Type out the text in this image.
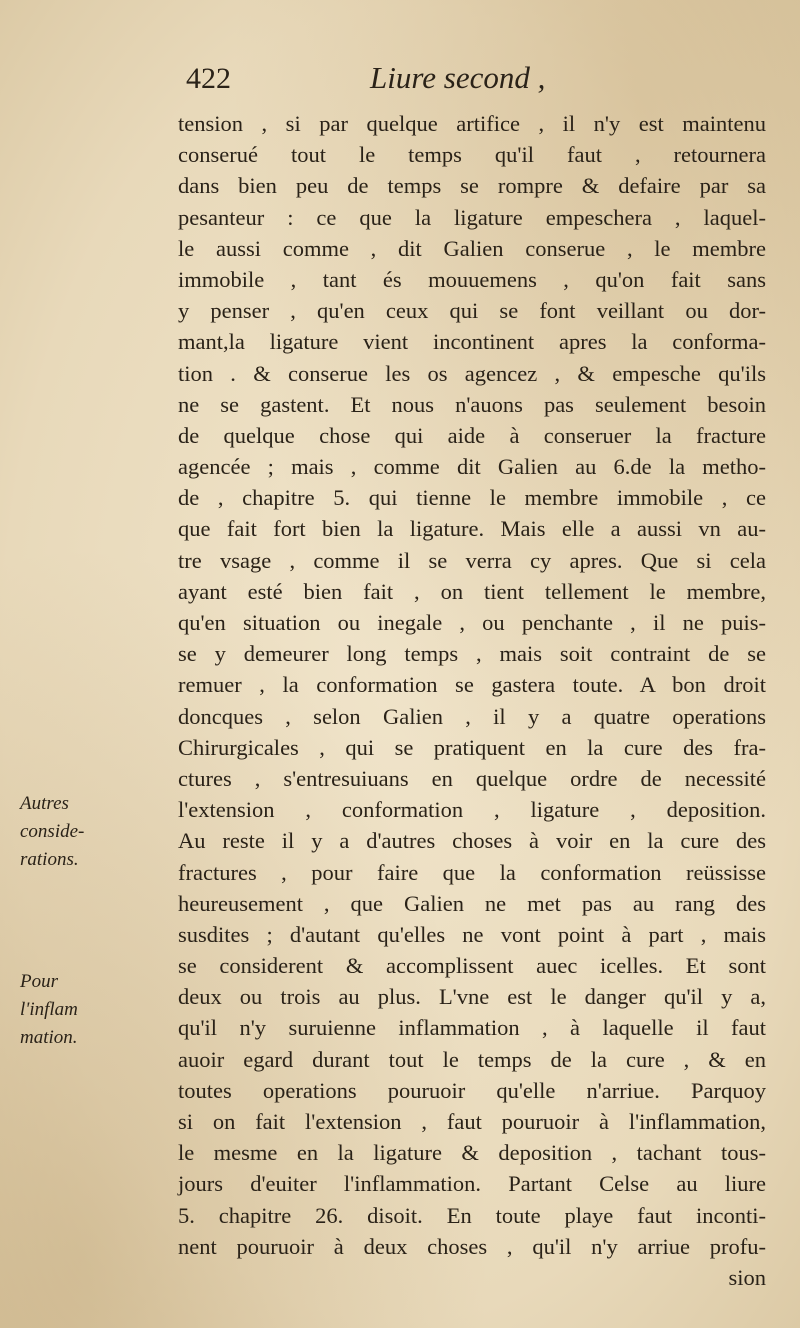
422	Liure second ,
Autres
conside-
rations.
Pour
l'inflam
mation.
tension , si par quelque artifice , il n'y est maintenu
conserué tout le temps qu'il faut , retournera
dans bien peu de temps se rompre & defaire par sa
pesanteur : ce que la ligature empeschera , laquel-
le aussi comme , dit Galien conserue , le membre
immobile , tant és mouuemens , qu'on fait sans
y penser , qu'en ceux qui se font veillant ou dor-
mant,la ligature vient incontinent apres la conforma-
tion . & conserue les os agencez , & empesche qu'ils
ne se gastent. Et nous n'auons pas seulement besoin
de quelque chose qui aide à conseruer la fracture
agencée ; mais , comme dit Galien au 6.de la metho-
de , chapitre 5. qui tienne le membre immobile , ce
que fait fort bien la ligature. Mais elle a aussi vn au-
tre vsage , comme il se verra cy apres. Que si cela
ayant esté bien fait , on tient tellement le membre,
qu'en situation ou inegale , ou penchante , il ne puis-
se y demeurer long temps , mais soit contraint de se
remuer , la conformation se gastera toute. A bon droit
doncques , selon Galien , il y a quatre operations
Chirurgicales , qui se pratiquent en la cure des fra-
ctures , s'entresuiuans en quelque ordre de necessité
l'extension , conformation , ligature , deposition.
Au reste il y a d'autres choses à voir en la cure des
fractures , pour faire que la conformation reüssisse
heureusement , que Galien ne met pas au rang des
susdites ; d'autant qu'elles ne vont point à part , mais
se considerent & accomplissent auec icelles. Et sont
deux ou trois au plus. L'vne est le danger qu'il y a,
qu'il n'y suruienne inflammation , à laquelle il faut
auoir egard durant tout le temps de la cure , & en
toutes operations pouruoir qu'elle n'arriue. Parquoy
si on fait l'extension , faut pouruoir à l'inflammation,
le mesme en la ligature & deposition , tachant tous-
jours d'euiter l'inflammation. Partant Celse au liure
5. chapitre 26. disoit. En toute playe faut inconti-
nent pouruoir à deux choses , qu'il n'y arriue profu-
sion
